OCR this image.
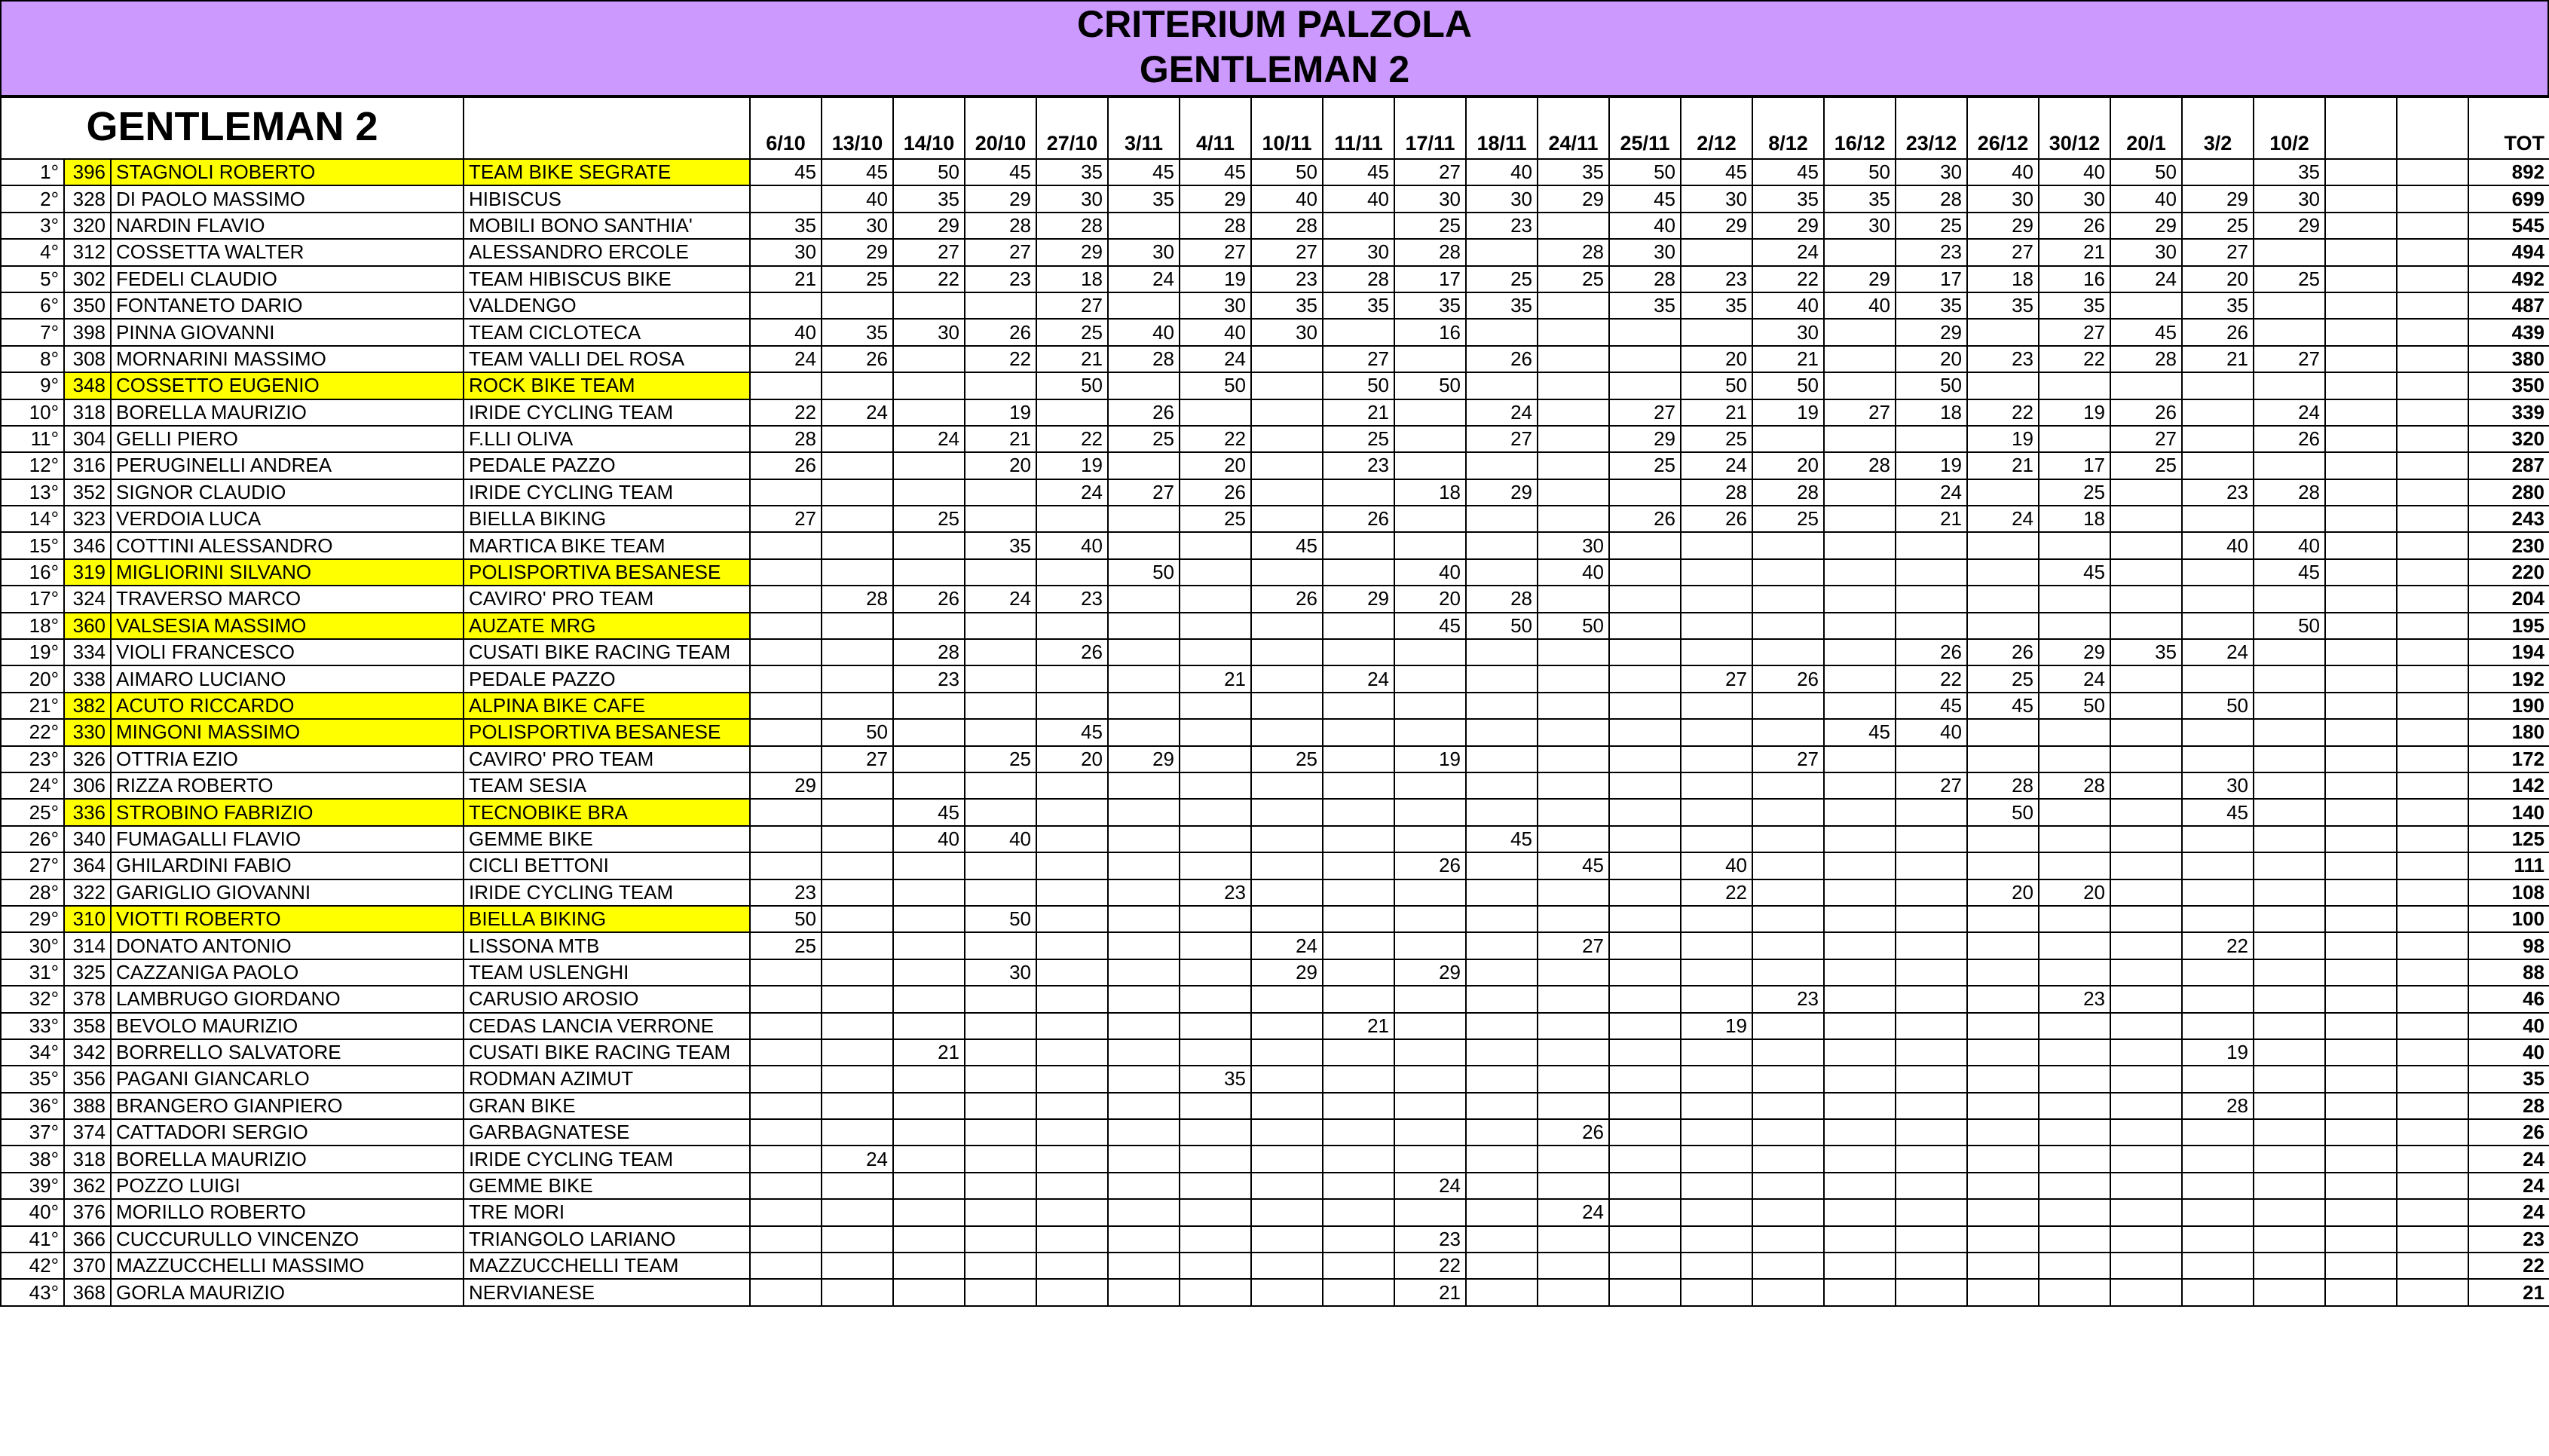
CRITERIUM PALZOLA
GENTLEMAN 2
GENTLEMAN 2				6/10	13/10	14/10	20/10	27/10	3/11	4/11	10/11	11/11	17/11	18/11	24/11	25/11	2/12	8/12	16/12	23/12	26/12	30/12	20/1	3/2	10/2			TOT
1°	396	STAGNOLI ROBERTO	TEAM BIKE SEGRATE	45	45	50	45	35	45	45	50	45	27	40	35	50	45	45	50	30	40	40	50		35			892
2°	328	DI PAOLO MASSIMO	HIBISCUS		40	35	29	30	35	29	40	40	30	30	29	45	30	35	35	28	30	30	40	29	30			699
3°	320	NARDIN FLAVIO	MOBILI BONO SANTHIA'	35	30	29	28	28		28	28		25	23		40	29	29	30	25	29	26	29	25	29			545
4°	312	COSSETTA WALTER	ALESSANDRO ERCOLE	30	29	27	27	29	30	27	27	30	28		28	30		24		23	27	21	30	27				494
5°	302	FEDELI CLAUDIO	TEAM HIBISCUS BIKE	21	25	22	23	18	24	19	23	28	17	25	25	28	23	22	29	17	18	16	24	20	25			492
6°	350	FONTANETO DARIO	VALDENGO					27		30	35	35	35	35		35	35	40	40	35	35	35		35				487
7°	398	PINNA GIOVANNI	TEAM CICLOTECA	40	35	30	26	25	40	40	30		16					30		29		27	45	26				439
8°	308	MORNARINI MASSIMO	TEAM VALLI DEL ROSA	24	26		22	21	28	24		27		26			20	21		20	23	22	28	21	27			380
9°	348	COSSETTO EUGENIO	ROCK BIKE TEAM					50		50		50	50				50	50		50								350
10°	318	BORELLA MAURIZIO	IRIDE CYCLING TEAM	22	24		19		26			21		24		27	21	19	27	18	22	19	26		24			339
11°	304	GELLI PIERO	F.LLI OLIVA	28		24	21	22	25	22		25		27		29	25				19		27		26			320
12°	316	PERUGINELLI ANDREA	PEDALE PAZZO	26			20	19		20		23				25	24	20	28	19	21	17	25					287
13°	352	SIGNOR CLAUDIO	IRIDE CYCLING TEAM					24	27	26			18	29			28	28		24		25		23	28			280
14°	323	VERDOIA LUCA	BIELLA BIKING	27		25				25		26				26	26	25		21	24	18						243
15°	346	COTTINI ALESSANDRO	MARTICA BIKE TEAM				35	40			45				30									40	40			230
16°	319	MIGLIORINI SILVANO	POLISPORTIVA BESANESE						50				40		40							45			45			220
17°	324	TRAVERSO MARCO	CAVIRO' PRO TEAM		28	26	24	23			26	29	20	28														204
18°	360	VALSESIA MASSIMO	AUZATE MRG										45	50	50										50			195
19°	334	VIOLI FRANCESCO	CUSATI BIKE RACING TEAM			28		26												26	26	29	35	24				194
20°	338	AIMARO LUCIANO	PEDALE PAZZO			23				21		24					27	26		22	25	24						192
21°	382	ACUTO RICCARDO	ALPINA BIKE CAFE																	45	45	50		50				190
22°	330	MINGONI MASSIMO	POLISPORTIVA BESANESE		50			45											45	40								180
23°	326	OTTRIA EZIO	CAVIRO' PRO TEAM		27		25	20	29		25		19					27										172
24°	306	RIZZA ROBERTO	TEAM SESIA	29																27	28	28		30				142
25°	336	STROBINO FABRIZIO	TECNOBIKE BRA			45															50			45				140
26°	340	FUMAGALLI FLAVIO	GEMME BIKE			40	40							45														125
27°	364	GHILARDINI FABIO	CICLI BETTONI										26		45		40											111
28°	322	GARIGLIO GIOVANNI	IRIDE CYCLING TEAM	23						23							22				20	20						108
29°	310	VIOTTI ROBERTO	BIELLA BIKING	50			50																					100
30°	314	DONATO ANTONIO	LISSONA MTB	25							24				27									22				98
31°	325	CAZZANIGA PAOLO	TEAM USLENGHI				30				29		29															88
32°	378	LAMBRUGO GIORDANO	CARUSIO AROSIO															23				23						46
33°	358	BEVOLO MAURIZIO	CEDAS LANCIA VERRONE									21					19											40
34°	342	BORRELLO SALVATORE	CUSATI BIKE RACING TEAM			21																		19				40
35°	356	PAGANI GIANCARLO	RODMAN AZIMUT							35																		35
36°	388	BRANGERO GIANPIERO	GRAN BIKE																					28				28
37°	374	CATTADORI SERGIO	GARBAGNATESE												26													26
38°	318	BORELLA MAURIZIO	IRIDE CYCLING TEAM		24																							24
39°	362	POZZO LUIGI	GEMME BIKE										24															24
40°	376	MORILLO ROBERTO	TRE MORI												24													24
41°	366	CUCCURULLO VINCENZO	TRIANGOLO LARIANO										23															23
42°	370	MAZZUCCHELLI MASSIMO	MAZZUCCHELLI TEAM										22															22
43°	368	GORLA MAURIZIO	NERVIANESE										21															21
